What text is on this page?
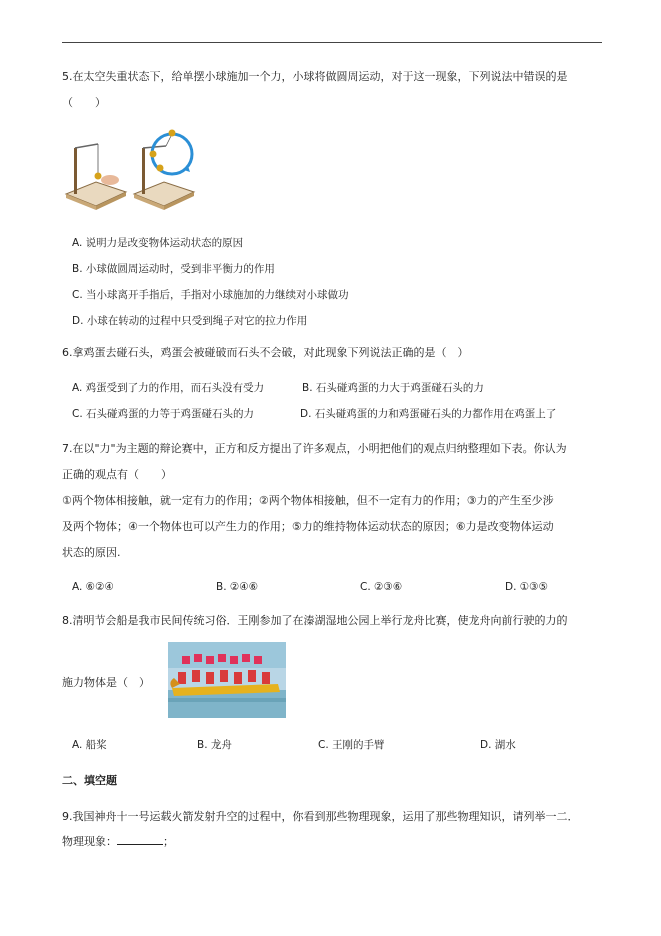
5.在太空失重状态下，给单摆小球施加一个力，小球将做圆周运动，对于这一现象，下列说法中错误的是
（　　）
A. 说明力是改变物体运动状态的原因
B. 小球做圆周运动时，受到非平衡力的作用
C. 当小球离开手指后，手指对小球施加的力继续对小球做功
D. 小球在转动的过程中只受到绳子对它的拉力作用
6.拿鸡蛋去碰石头，鸡蛋会被碰破而石头不会破，对此现象下列说法正确的是（　）
A. 鸡蛋受到了力的作用，而石头没有受力	B. 石头碰鸡蛋的力大于鸡蛋碰石头的力
C. 石头碰鸡蛋的力等于鸡蛋碰石头的力	D. 石头碰鸡蛋的力和鸡蛋碰石头的力都作用在鸡蛋上了
7.在以"力"为主题的辩论赛中，正方和反方提出了许多观点，小明把他们的观点归纳整理如下表。你认为
正确的观点有（　　）
①两个物体相接触，就一定有力的作用；②两个物体相接触，但不一定有力的作用；③力的产生至少涉
及两个物体；④一个物体也可以产生力的作用；⑤力的维持物体运动状态的原因；⑥力是改变物体运动
状态的原因.
A. ⑥②④	B. ②④⑥	C. ②③⑥	D. ①③⑤
8.清明节会船是我市民间传统习俗．王刚参加了在溱湖湿地公园上举行龙舟比赛，使龙舟向前行驶的力的
施力物体是（　）
A. 船桨	B. 龙舟	C. 王刚的手臂	D. 湖水
二、填空题
9.我国神舟十一号运载火箭发射升空的过程中，你看到那些物理现象，运用了那些物理知识，请列举一二．
物理现象：	；
